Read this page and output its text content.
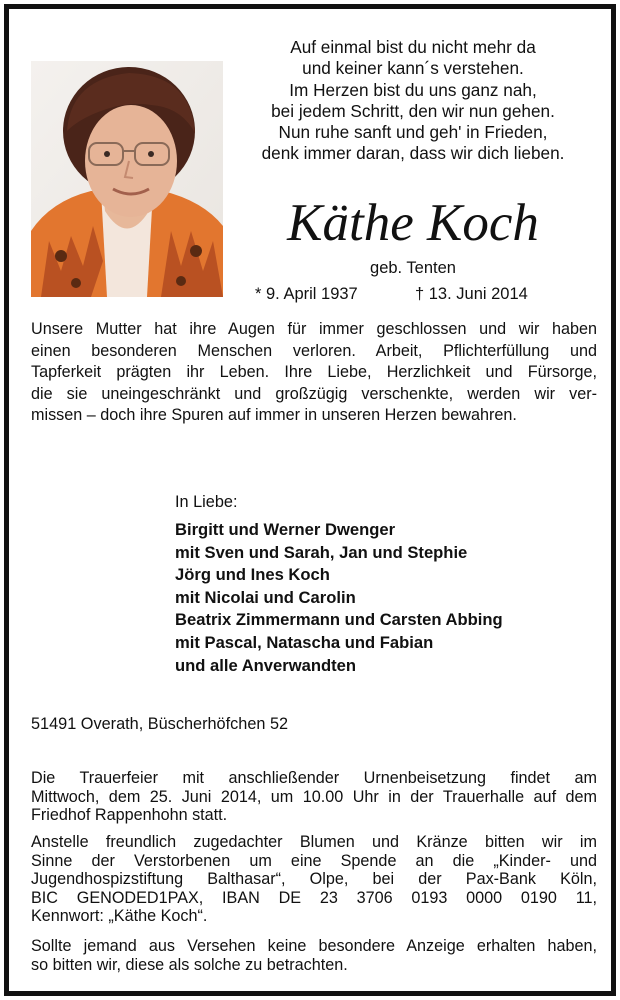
Auf einmal bist du nicht mehr da
und keiner kann´s verstehen.
Im Herzen bist du uns ganz nah,
bei jedem Schritt, den wir nun gehen.
Nun ruhe sanft und geh' in Frieden,
denk immer daran, dass wir dich lieben.
Käthe Koch
geb. Tenten
* 9. April 1937	† 13. Juni 2014
Unsere Mutter hat ihre Augen für immer geschlossen und wir haben
einen besonderen Menschen verloren. Arbeit, Pflichterfüllung und
Tapferkeit prägten ihr Leben. Ihre Liebe, Herzlichkeit und Fürsorge,
die sie uneingeschränkt und großzügig verschenkte, werden wir ver-
missen – doch ihre Spuren auf immer in unseren Herzen bewahren.
In Liebe:
Birgitt und Werner Dwenger
mit Sven und Sarah, Jan und Stephie
Jörg und Ines Koch
mit Nicolai und Carolin
Beatrix Zimmermann und Carsten Abbing
mit Pascal, Natascha und Fabian
und alle Anverwandten
51491 Overath, Büscherhöfchen 52
Die Trauerfeier mit anschließender Urnenbeisetzung findet am
Mittwoch, dem 25. Juni 2014, um 10.00 Uhr in der Trauerhalle auf dem
Friedhof Rappenhohn statt.
Anstelle freundlich zugedachter Blumen und Kränze bitten wir im
Sinne der Verstorbenen um eine Spende an die „Kinder- und
Jugendhospizstiftung Balthasar“, Olpe, bei der Pax-Bank Köln,
BIC GENODED1PAX, IBAN DE 23 3706 0193 0000 0190 11,
Kennwort: „Käthe Koch“.
Sollte jemand aus Versehen keine besondere Anzeige erhalten haben,
so bitten wir, diese als solche zu betrachten.
